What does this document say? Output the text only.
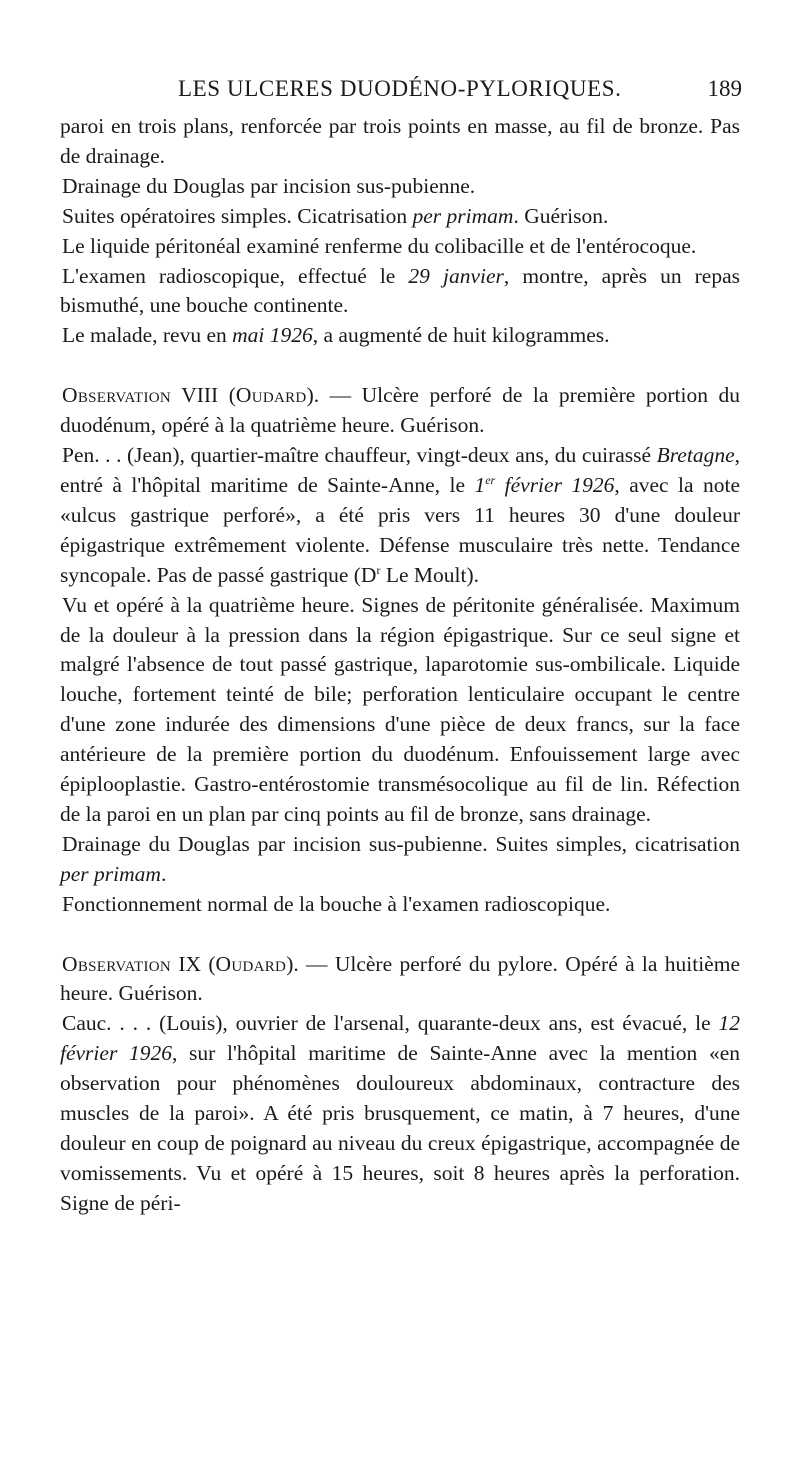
LES ULCERES DUODÉNO-PYLORIQUES.	189

paroi en trois plans, renforcée par trois points en masse, au fil de bronze. Pas de drainage.

Drainage du Douglas par incision sus-pubienne.

Suites opératoires simples. Cicatrisation per primam. Guérison.

Le liquide péritonéal examiné renferme du colibacille et de l'entérocoque.

L'examen radioscopique, effectué le 29 janvier, montre, après un repas bismuthé, une bouche continente.

Le malade, revu en mai 1926, a augmenté de huit kilogrammes.

Observation VIII (Oudard). — Ulcère perforé de la première portion du duodénum, opéré à la quatrième heure. Guérison.

Pen. . . (Jean), quartier-maître chauffeur, vingt-deux ans, du cuirassé Bretagne, entré à l'hôpital maritime de Sainte-Anne, le 1er février 1926, avec la note «ulcus gastrique perforé», a été pris vers 11 heures 30 d'une douleur épigastrique extrêmement violente. Défense musculaire très nette. Tendance syncopale. Pas de passé gastrique ($D^r$ Le Moult).

Vu et opéré à la quatrième heure. Signes de péritonite généralisée. Maximum de la douleur à la pression dans la région épigastrique. Sur ce seul signe et malgré l'absence de tout passé gastrique, laparotomie sus-ombilicale. Liquide louche, fortement teinté de bile; perforation lenticulaire occupant le centre d'une zone indurée des dimensions d'une pièce de deux francs, sur la face antérieure de la première portion du duodénum. Enfouissement large avec épiplooplastie. Gastro-entérostomie transmésocolique au fil de lin. Réfection de la paroi en un plan par cinq points au fil de bronze, sans drainage.

Drainage du Douglas par incision sus-pubienne. Suites simples, cicatrisation per primam.

Fonctionnement normal de la bouche à l'examen radioscopique.

Observation IX (Oudard). — Ulcère perforé du pylore. Opéré à la huitième heure. Guérison.

Cauc. . . . (Louis), ouvrier de l'arsenal, quarante-deux ans, est évacué, le 12 février 1926, sur l'hôpital maritime de Sainte-Anne avec la mention «en observation pour phénomènes douloureux abdominaux, contracture des muscles de la paroi». A été pris brusquement, ce matin, à 7 heures, d'une douleur en coup de poignard au niveau du creux épigastrique, accompagnée de vomissements. Vu et opéré à 15 heures, soit 8 heures après la perforation. Signe de péri-
